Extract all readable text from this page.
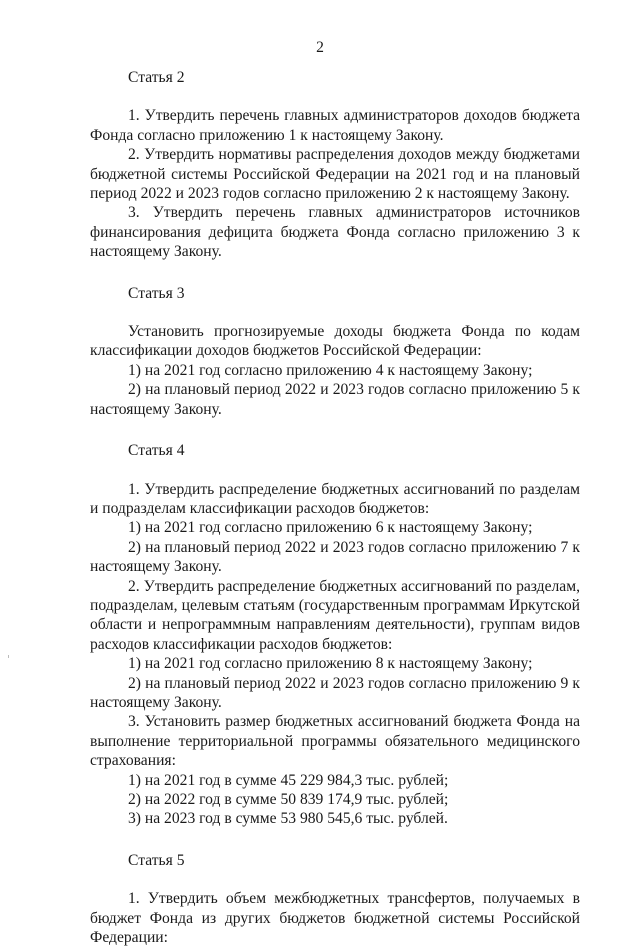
2

Статья 2

1. Утвердить перечень главных администраторов доходов бюджета Фонда согласно приложению 1 к настоящему Закону.

2. Утвердить нормативы распределения доходов между бюджетами бюджетной системы Российской Федерации на 2021 год и на плановый период 2022 и 2023 годов согласно приложению 2 к настоящему Закону.

3. Утвердить перечень главных администраторов источников финансирования дефицита бюджета Фонда согласно приложению 3 к настоящему Закону.

Статья 3

Установить прогнозируемые доходы бюджета Фонда по кодам классификации доходов бюджетов Российской Федерации:

1) на 2021 год согласно приложению 4 к настоящему Закону;

2) на плановый период 2022 и 2023 годов согласно приложению 5 к настоящему Закону.

Статья 4

1. Утвердить распределение бюджетных ассигнований по разделам и подразделам классификации расходов бюджетов:

1) на 2021 год согласно приложению 6 к настоящему Закону;

2) на плановый период 2022 и 2023 годов согласно приложению 7 к настоящему Закону.

2. Утвердить распределение бюджетных ассигнований по разделам, подразделам, целевым статьям (государственным программам Иркутской области и непрограммным направлениям деятельности), группам видов расходов классификации расходов бюджетов:

1) на 2021 год согласно приложению 8 к настоящему Закону;

2) на плановый период 2022 и 2023 годов согласно приложению 9 к настоящему Закону.

3. Установить размер бюджетных ассигнований бюджета Фонда на выполнение территориальной программы обязательного медицинского страхования:

1) на 2021 год в сумме 45 229 984,3 тыс. рублей;

2) на 2022 год в сумме 50 839 174,9 тыс. рублей;

3) на 2023 год в сумме 53 980 545,6 тыс. рублей.

Статья 5

1. Утвердить объем межбюджетных трансфертов, получаемых в бюджет Фонда из других бюджетов бюджетной системы Российской Федерации:
